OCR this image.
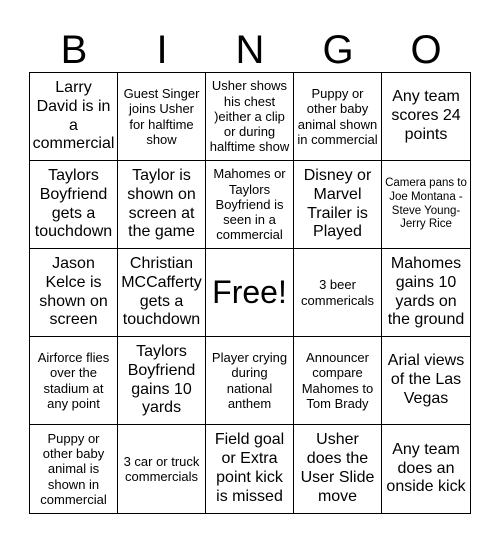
B	I	N	G	O
Larry David is in a commercial
Guest Singer joins Usher for halftime show
Usher shows his chest )either a clip or during halftime show
Puppy or other baby animal shown in commercial
Any team scores 24 points
Taylors Boyfriend gets a touchdown
Taylor is shown on screen at the game
Mahomes or Taylors Boyfriend is seen in a commercial
Disney or Marvel Trailer is Played
Camera pans to Joe Montana - Steve Young- Jerry Rice
Jason Kelce is shown on screen
Christian MCCafferty gets a touchdown
Free!	3 beer commericals
Mahomes gains 10 yards on the ground
Airforce flies over the stadium at any point
Taylors Boyfriend gains 10 yards
Player crying during national anthem
Announcer compare Mahomes to Tom Brady
Arial views of the Las Vegas
Puppy or other baby animal is shown in commercial
3 car or truck commercials
Field goal or Extra point kick is missed
Usher does the User Slide move
Any team does an onside kick
